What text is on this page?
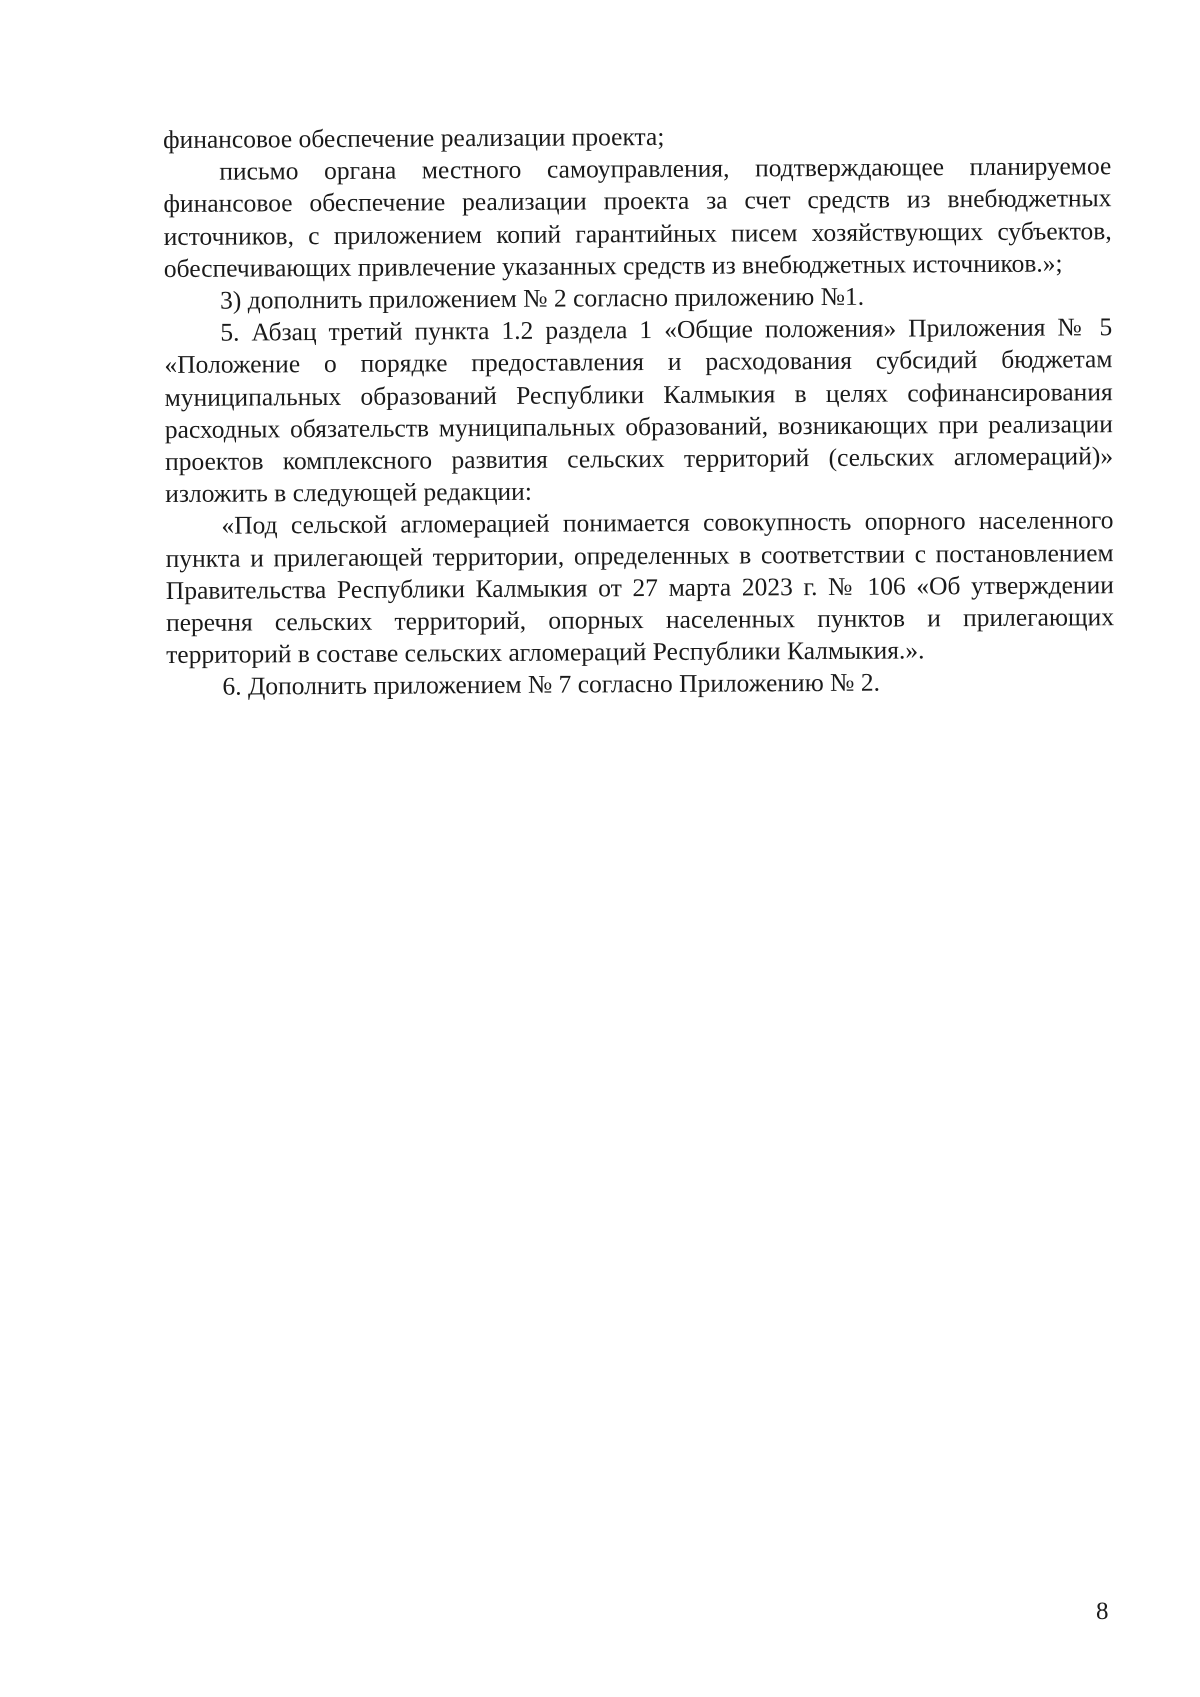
финансовое обеспечение реализации проекта;

письмо органа местного самоуправления, подтверждающее планируемое финансовое обеспечение реализации проекта за счет средств из внебюджетных источников, с приложением копий гарантийных писем хозяйствующих субъектов, обеспечивающих привлечение указанных средств из внебюджетных источников.»;

3) дополнить приложением № 2 согласно приложению №1.

5. Абзац третий пункта 1.2 раздела 1 «Общие положения» Приложения № 5 «Положение о порядке предоставления и расходования субсидий бюджетам муниципальных образований Республики Калмыкия в целях софинансирования расходных обязательств муниципальных образований, возникающих при реализации проектов комплексного развития сельских территорий (сельских агломераций)» изложить в следующей редакции:

«Под сельской агломерацией понимается совокупность опорного населенного пункта и прилегающей территории, определенных в соответствии с постановлением Правительства Республики Калмыкия от 27 марта 2023 г. № 106 «Об утверждении перечня сельских территорий, опорных населенных пунктов и прилегающих территорий в составе сельских агломераций Республики Калмыкия.».

6. Дополнить приложением № 7 согласно Приложению № 2.

8
